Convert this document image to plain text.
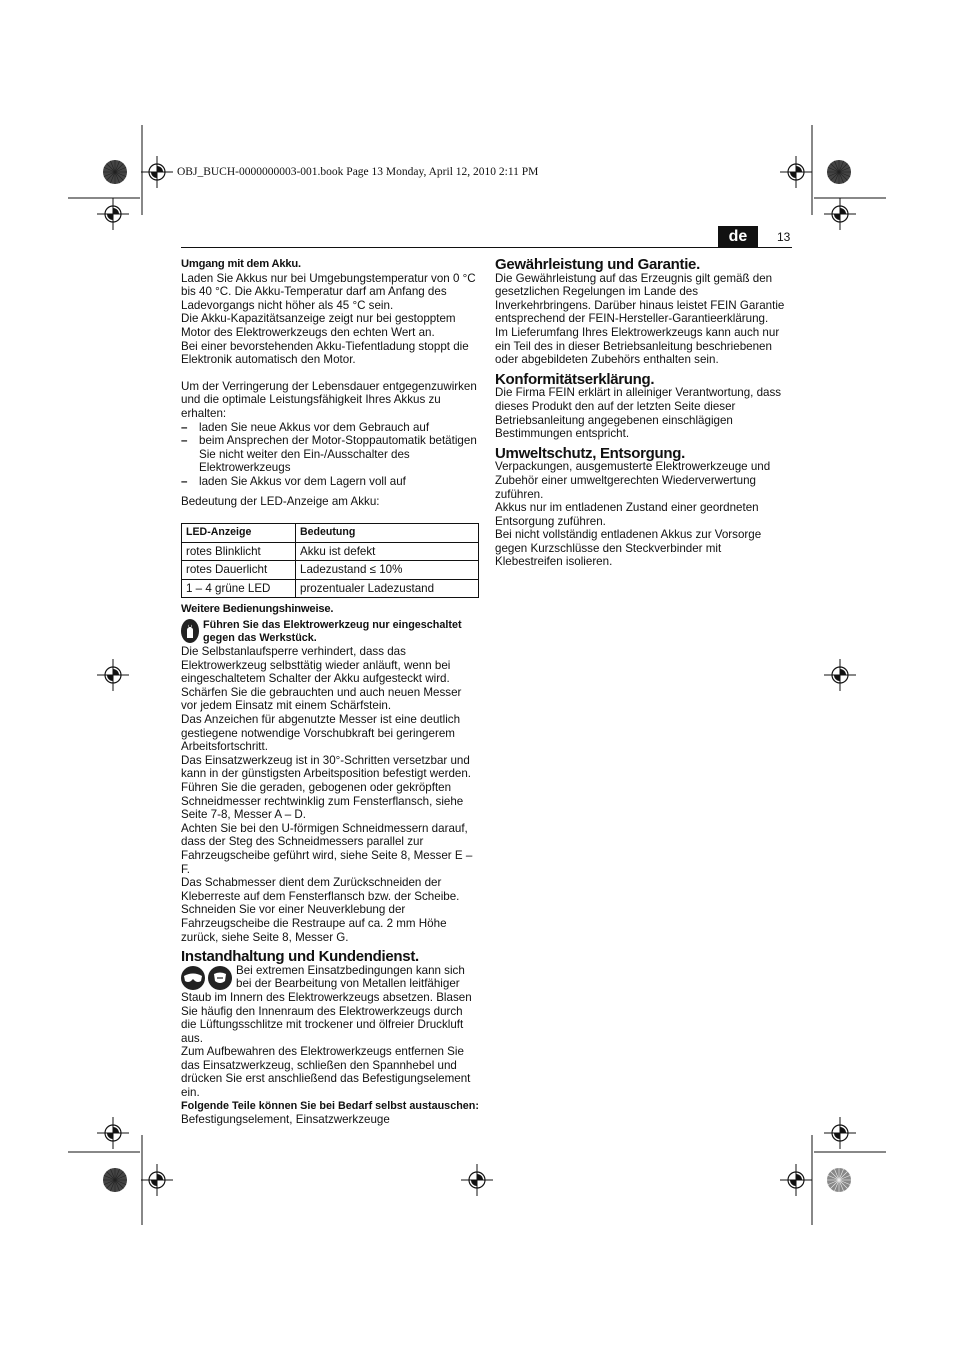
OBJ_BUCH-0000000003-001.book Page 13 Monday, April 12, 2010 2:11 PM
de	13

Umgang mit dem Akku.

Laden Sie Akkus nur bei Umgebungstemperatur von 0 °C bis 40 °C. Die Akku-Temperatur darf am Anfang des Ladevorgangs nicht höher als 45 °C sein.

Die Akku-Kapazitätsanzeige zeigt nur bei gestopptem Motor des Elektrowerkzeugs den echten Wert an.

Bei einer bevorstehenden Akku-Tiefentladung stoppt die Elektronik automatisch den Motor.

Um der Verringerung der Lebensdauer entgegenzuwirken und die optimale Leistungsfähigkeit Ihres Akkus zu erhalten:

– laden Sie neue Akkus vor dem Gebrauch auf
– beim Ansprechen der Motor-Stoppautomatik betätigen Sie nicht weiter den Ein-/Ausschalter des Elektrowerkzeugs
– laden Sie Akkus vor dem Lagern voll auf

Bedeutung der LED-Anzeige am Akku:

LED-Anzeige	Bedeutung
rotes Blinklicht	Akku ist defekt
rotes Dauerlicht	Ladezustand ≤ 10%
1 – 4 grüne LED	prozentualer Ladezustand

Weitere Bedienungshinweise.

Führen Sie das Elektrowerkzeug nur eingeschaltet gegen das Werkstück.

Die Selbstanlaufsperre verhindert, dass das Elektrowerkzeug selbsttätig wieder anläuft, wenn bei eingeschaltetem Schalter der Akku aufgesteckt wird.

Schärfen Sie die gebrauchten und auch neuen Messer vor jedem Einsatz mit einem Schärfstein.

Das Anzeichen für abgenutzte Messer ist eine deutlich gestiegene notwendige Vorschubkraft bei geringerem Arbeitsfortschritt.

Das Einsatzwerkzeug ist in 30°-Schritten versetzbar und kann in der günstigsten Arbeitsposition befestigt werden.

Führen Sie die geraden, gebogenen oder gekröpften Schneidmesser rechtwinklig zum Fensterflansch, siehe Seite 7-8, Messer A – D.

Achten Sie bei den U-förmigen Schneidmessern darauf, dass der Steg des Schneidmessers parallel zur Fahrzeugscheibe geführt wird, siehe Seite 8, Messer E – F.

Das Schabmesser dient dem Zurückschneiden der Kleberreste auf dem Fensterflansch bzw. der Scheibe. Schneiden Sie vor einer Neuverklebung der Fahrzeugscheibe die Restraupe auf ca. 2 mm Höhe zurück, siehe Seite 8, Messer G.

Instandhaltung und Kundendienst.

Bei extremen Einsatzbedingungen kann sich bei der Bearbeitung von Metallen leitfähiger Staub im Innern des Elektrowerkzeugs absetzen. Blasen Sie häufig den Innenraum des Elektrowerkzeugs durch die Lüftungsschlitze mit trockener und ölfreier Druckluft aus.

Zum Aufbewahren des Elektrowerkzeugs entfernen Sie das Einsatzwerkzeug, schließen den Spannhebel und drücken Sie erst anschließend das Befestigungselement ein.

Folgende Teile können Sie bei Bedarf selbst austauschen:

Befestigungselement, Einsatzwerkzeuge

Gewährleistung und Garantie.

Die Gewährleistung auf das Erzeugnis gilt gemäß den gesetzlichen Regelungen im Lande des Inverkehrbringens. Darüber hinaus leistet FEIN Garantie entsprechend der FEIN-Hersteller-Garantieerklärung.

Im Lieferumfang Ihres Elektrowerkzeugs kann auch nur ein Teil des in dieser Betriebsanleitung beschriebenen oder abgebildeten Zubehörs enthalten sein.

Konformitätserklärung.

Die Firma FEIN erklärt in alleiniger Verantwortung, dass dieses Produkt den auf der letzten Seite dieser Betriebsanleitung angegebenen einschlägigen Bestimmungen entspricht.

Umweltschutz, Entsorgung.

Verpackungen, ausgemusterte Elektrowerkzeuge und Zubehör einer umweltgerechten Wiederverwertung zuführen.

Akkus nur im entladenen Zustand einer geordneten Entsorgung zuführen.

Bei nicht vollständig entladenen Akkus zur Vorsorge gegen Kurzschlüsse den Steckverbinder mit Klebestreifen isolieren.
